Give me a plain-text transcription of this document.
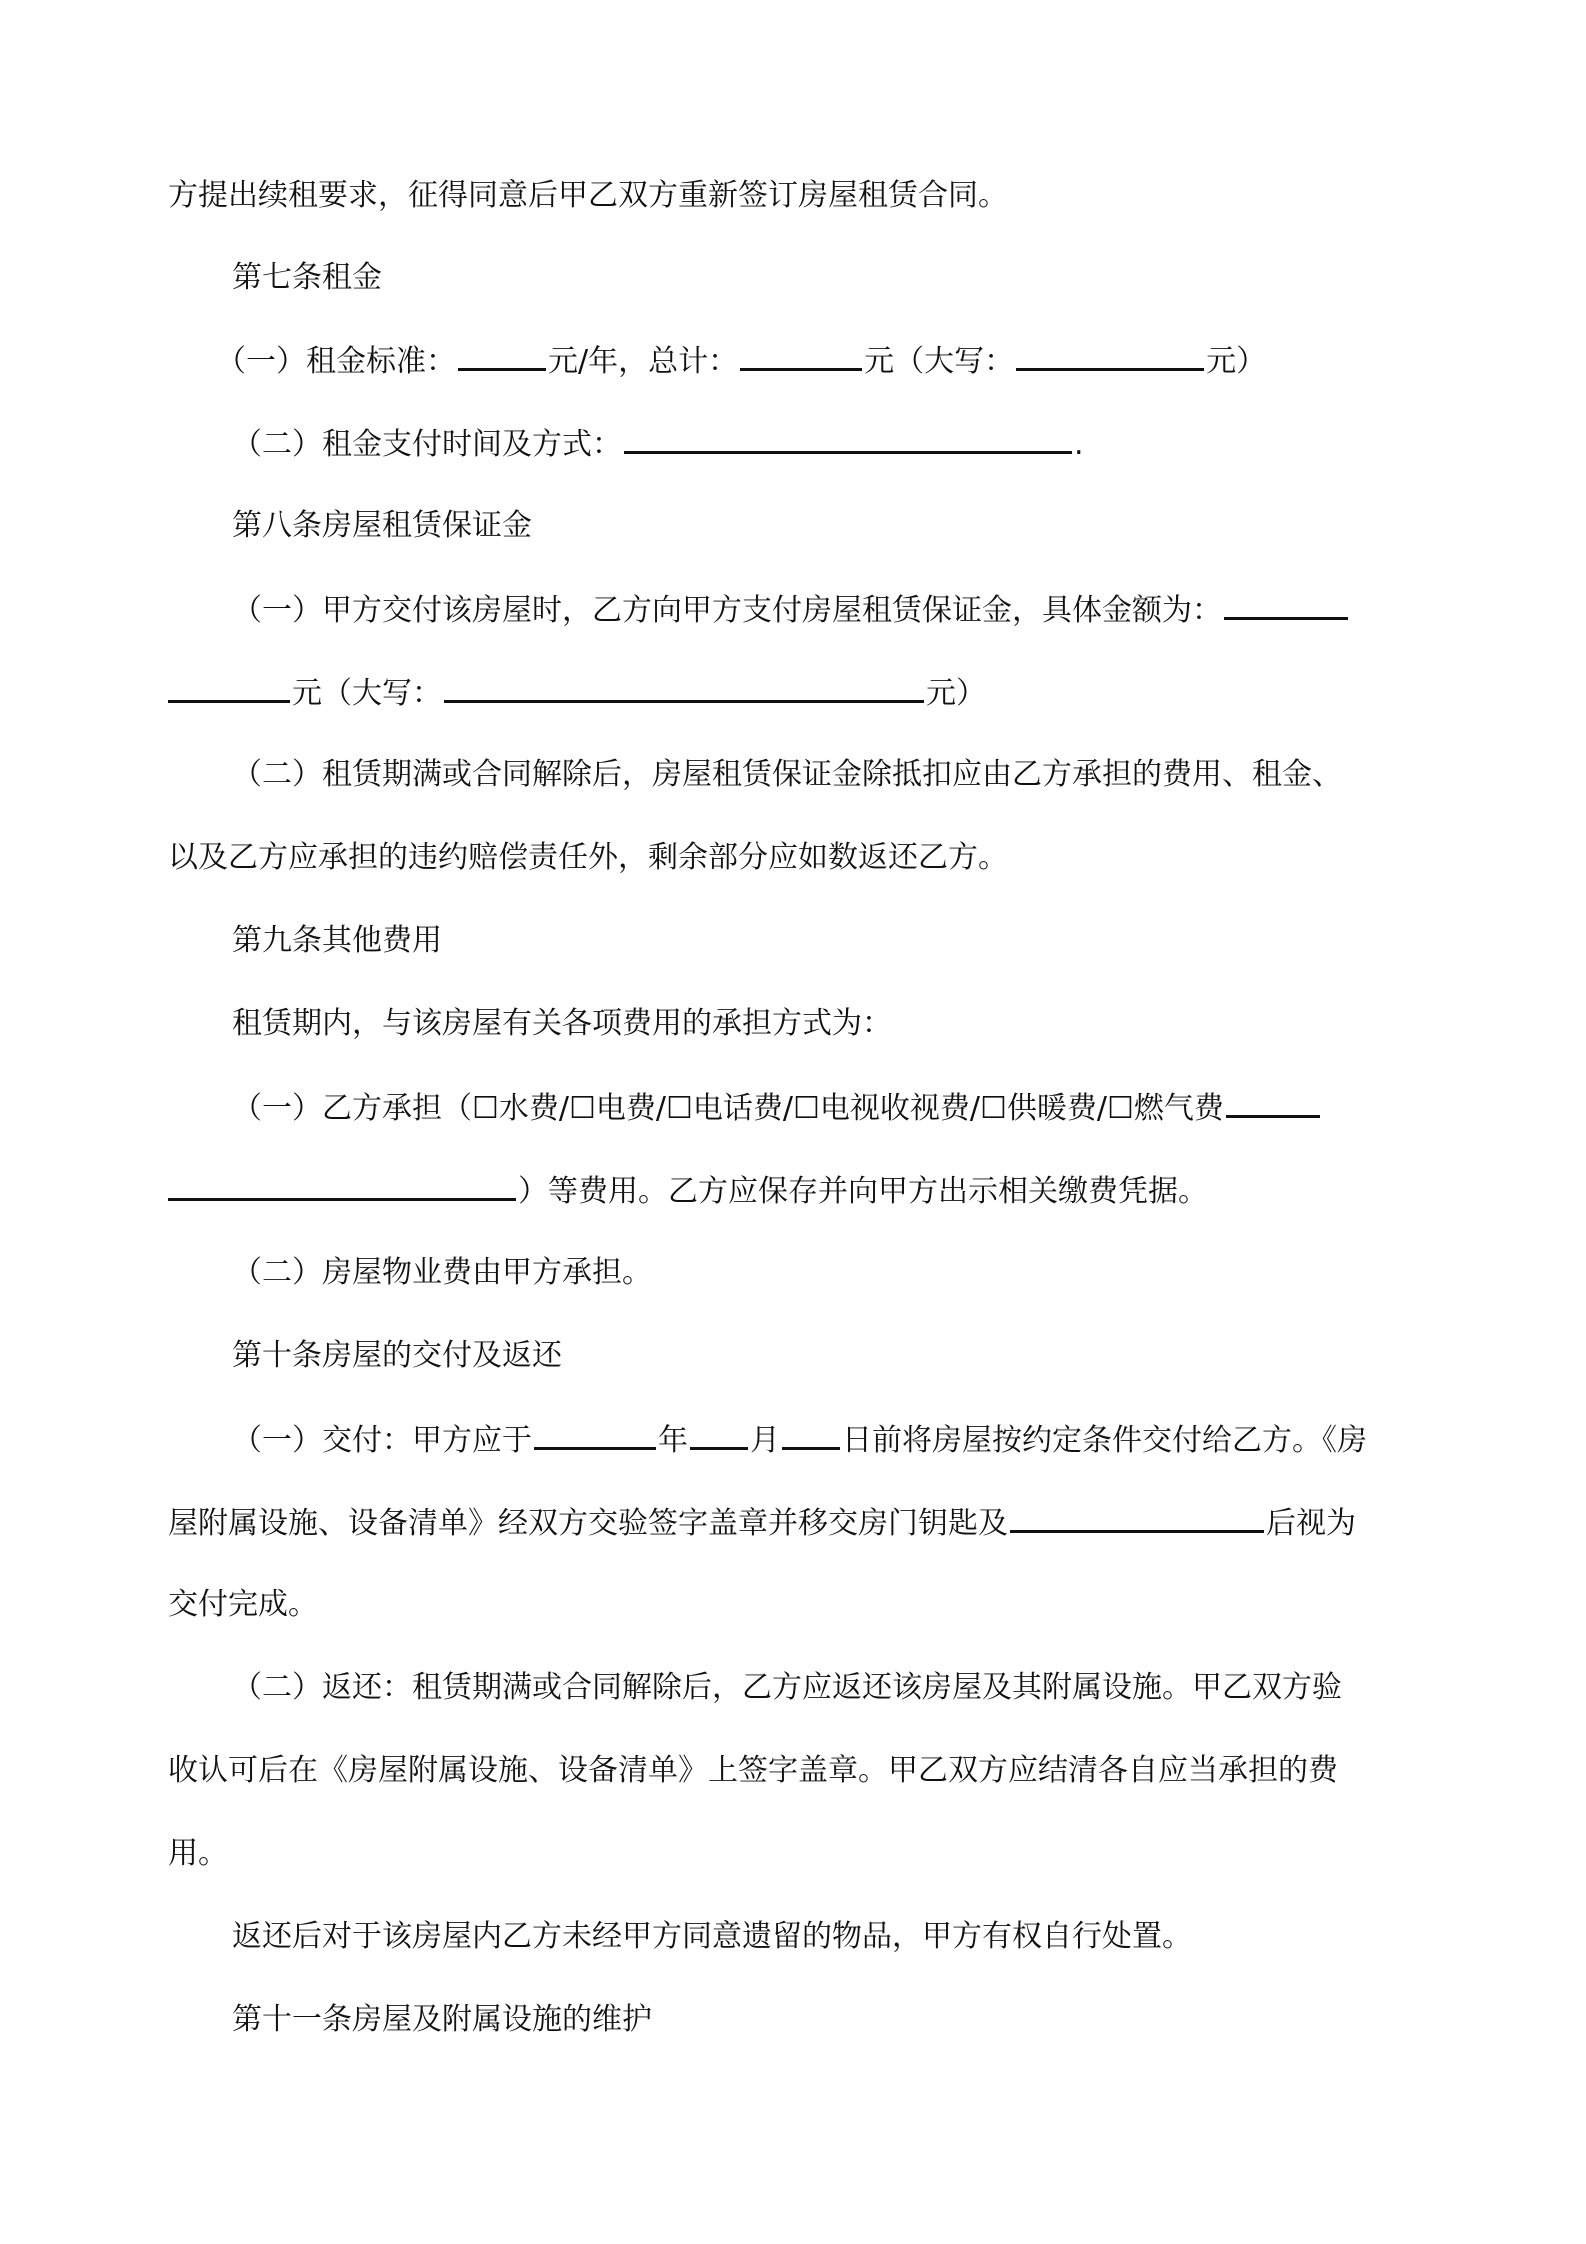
方提出续租要求，征得同意后甲乙双方重新签订房屋租赁合同。
第七条租金
（一）租金标准：	元/年，总计：	元（大写：	元）
（二）租金支付时间及方式：	.
第八条房屋租赁保证金
（一）甲方交付该房屋时，乙方向甲方支付房屋租赁保证金，具体金额为：
元（大写：	元）
（二）租赁期满或合同解除后，房屋租赁保证金除抵扣应由乙方承担的费用、租金、
以及乙方应承担的违约赔偿责任外，剩余部分应如数返还乙方。
第九条其他费用
租赁期内，与该房屋有关各项费用的承担方式为：
（一）乙方承担（☐水费/☐电费/☐电话费/☐电视收视费/☐供暖费/☐燃气费
）等费用。乙方应保存并向甲方出示相关缴费凭据。
（二）房屋物业费由甲方承担。
第十条房屋的交付及返还
（一）交付：甲方应于	年 月 日前将房屋按约定条件交付给乙方。《房
屋附属设施、设备清单》经双方交验签字盖章并移交房门钥匙及	后视为
交付完成。
（二）返还：租赁期满或合同解除后，乙方应返还该房屋及其附属设施。甲乙双方验
收认可后在《房屋附属设施、设备清单》上签字盖章。甲乙双方应结清各自应当承担的费
用。
返还后对于该房屋内乙方未经甲方同意遗留的物品，甲方有权自行处置。
第十一条房屋及附属设施的维护
